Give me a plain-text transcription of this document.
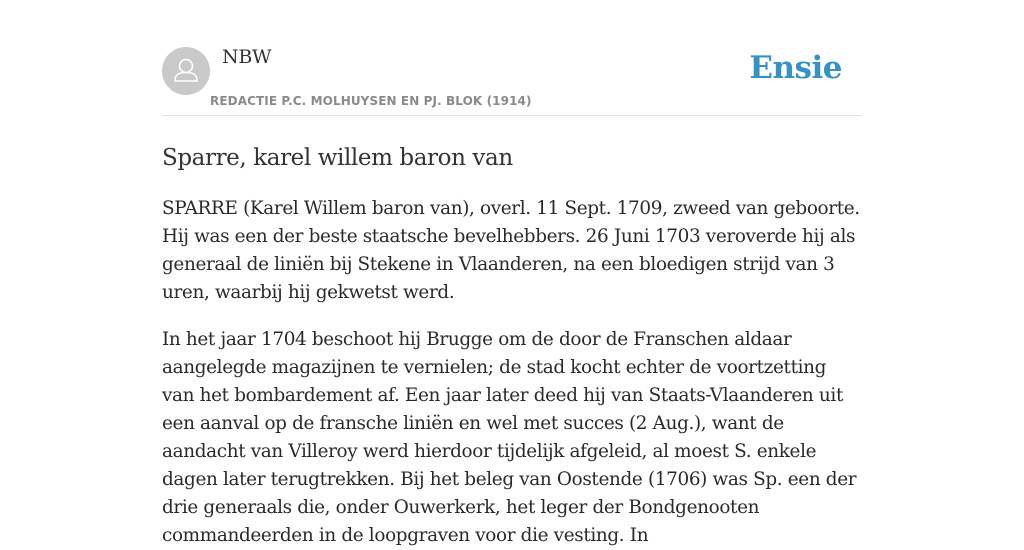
NBW
REDACTIE P.C. MOLHUYSEN EN PJ. BLOK (1914)
Ensie
Sparre, karel willem baron van

SPARRE (Karel Willem baron van), overl. 11 Sept. 1709, zweed van geboorte. Hij was een der beste staatsche bevelhebbers. 26 Juni 1703 veroverde hij als generaal de liniën bij Stekene in Vlaanderen, na een bloedigen strijd van 3 uren, waarbij hij gekwetst werd.

In het jaar 1704 beschoot hij Brugge om de door de Franschen aldaar aangelegde magazijnen te vernielen; de stad kocht echter de voortzetting van het bombardement af. Een jaar later deed hij van Staats-Vlaanderen uit een aanval op de fransche liniën en wel met succes (2 Aug.), want de aandacht van Villeroy werd hierdoor tijdelijk afgeleid, al moest S. enkele dagen later terugtrekken. Bij het beleg van Oostende (1706) was Sp. een der drie generaals die, onder Ouwerkerk, het leger der Bondgenooten commandeerden in de loopgraven voor die vesting. In
